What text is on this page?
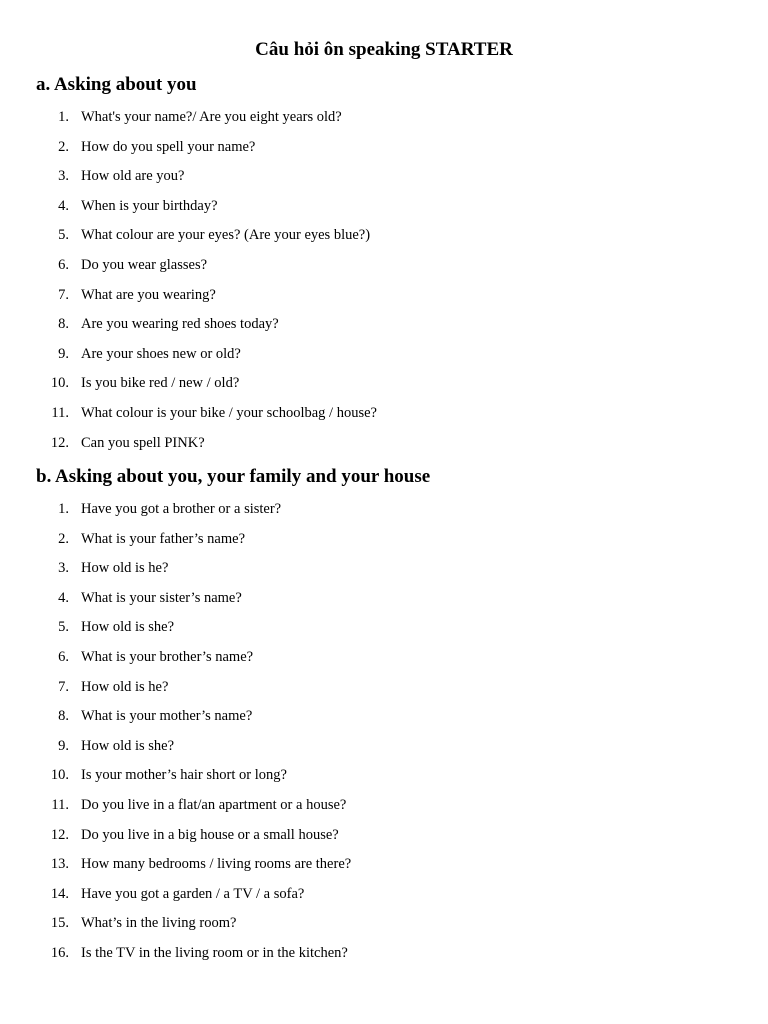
Câu hỏi ôn speaking STARTER
a. Asking about you
1. What's your name?/ Are you eight years old?
2. How do you spell your name?
3. How old are you?
4. When is your birthday?
5. What colour are your eyes? (Are your eyes blue?)
6. Do you wear glasses?
7. What are you wearing?
8. Are you wearing red shoes today?
9. Are your shoes new or old?
10. Is you bike red / new / old?
11. What colour is your bike / your schoolbag / house?
12. Can you spell PINK?
b. Asking about you, your family and your house
1. Have you got a brother or a sister?
2. What is your father’s name?
3. How old is he?
4. What is your sister’s name?
5. How old is she?
6. What is your brother’s name?
7. How old is he?
8. What is your mother’s name?
9. How old is she?
10. Is your mother’s hair short or long?
11. Do you live in a flat/an apartment or a house?
12. Do you live in a big house or a small house?
13. How many bedrooms / living rooms are there?
14. Have you got a garden / a TV / a sofa?
15. What’s in the living room?
16. Is the TV in the living room or in the kitchen?
